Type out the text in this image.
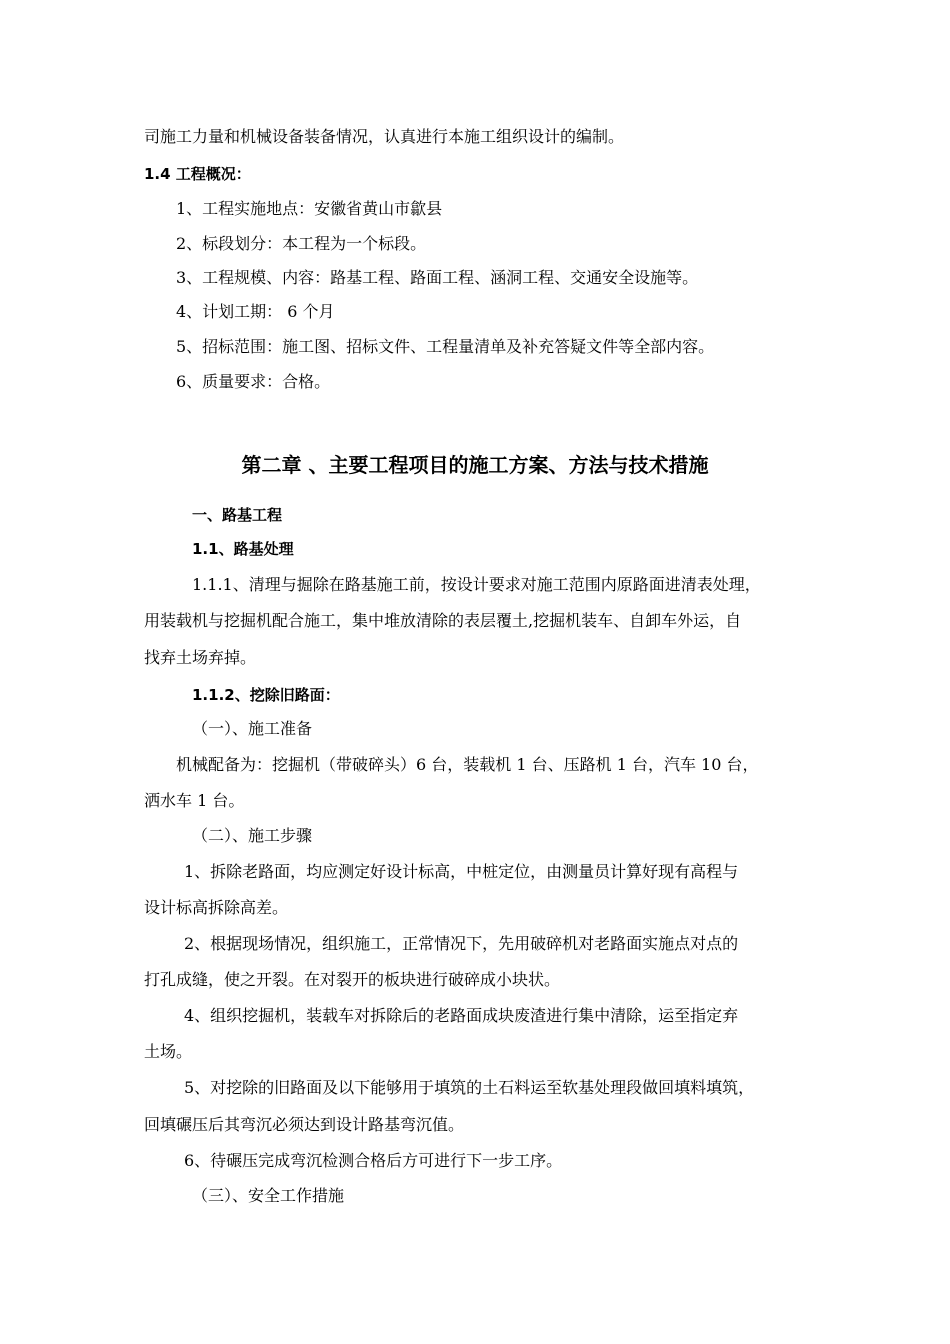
司施工力量和机械设备装备情况，认真进行本施工组织设计的编制。
1.4 工程概况：
1、工程实施地点：安徽省黄山市歙县
2、标段划分：本工程为一个标段。
3、工程规模、内容：路基工程、路面工程、涵洞工程、交通安全设施等。
4、计划工期： 6 个月
5、招标范围：施工图、招标文件、工程量清单及补充答疑文件等全部内容。
6、质量要求：合格。
第二章 、主要工程项目的施工方案、方法与技术措施
一、路基工程
1.1、路基处理
1.1.1、清理与掘除在路基施工前，按设计要求对施工范围内原路面进清表处理，
用装载机与挖掘机配合施工，集中堆放清除的表层覆土,挖掘机装车、自卸车外运，自
找弃土场弃掉。
1.1.2、挖除旧路面：
（一）、施工准备
机械配备为：挖掘机（带破碎头）6 台，装载机 1 台、压路机 1 台，汽车 10 台，
洒水车 1 台。
（二）、施工步骤
1、拆除老路面，均应测定好设计标高，中桩定位，由测量员计算好现有高程与
设计标高拆除高差。
2、根据现场情况，组织施工，正常情况下，先用破碎机对老路面实施点对点的
打孔成缝，使之开裂。在对裂开的板块进行破碎成小块状。
4、组织挖掘机，装载车对拆除后的老路面成块废渣进行集中清除，运至指定弃
土场。
5、对挖除的旧路面及以下能够用于填筑的土石料运至软基处理段做回填料填筑，
回填碾压后其弯沉必须达到设计路基弯沉值。
6、待碾压完成弯沉检测合格后方可进行下一步工序。
（三）、安全工作措施
